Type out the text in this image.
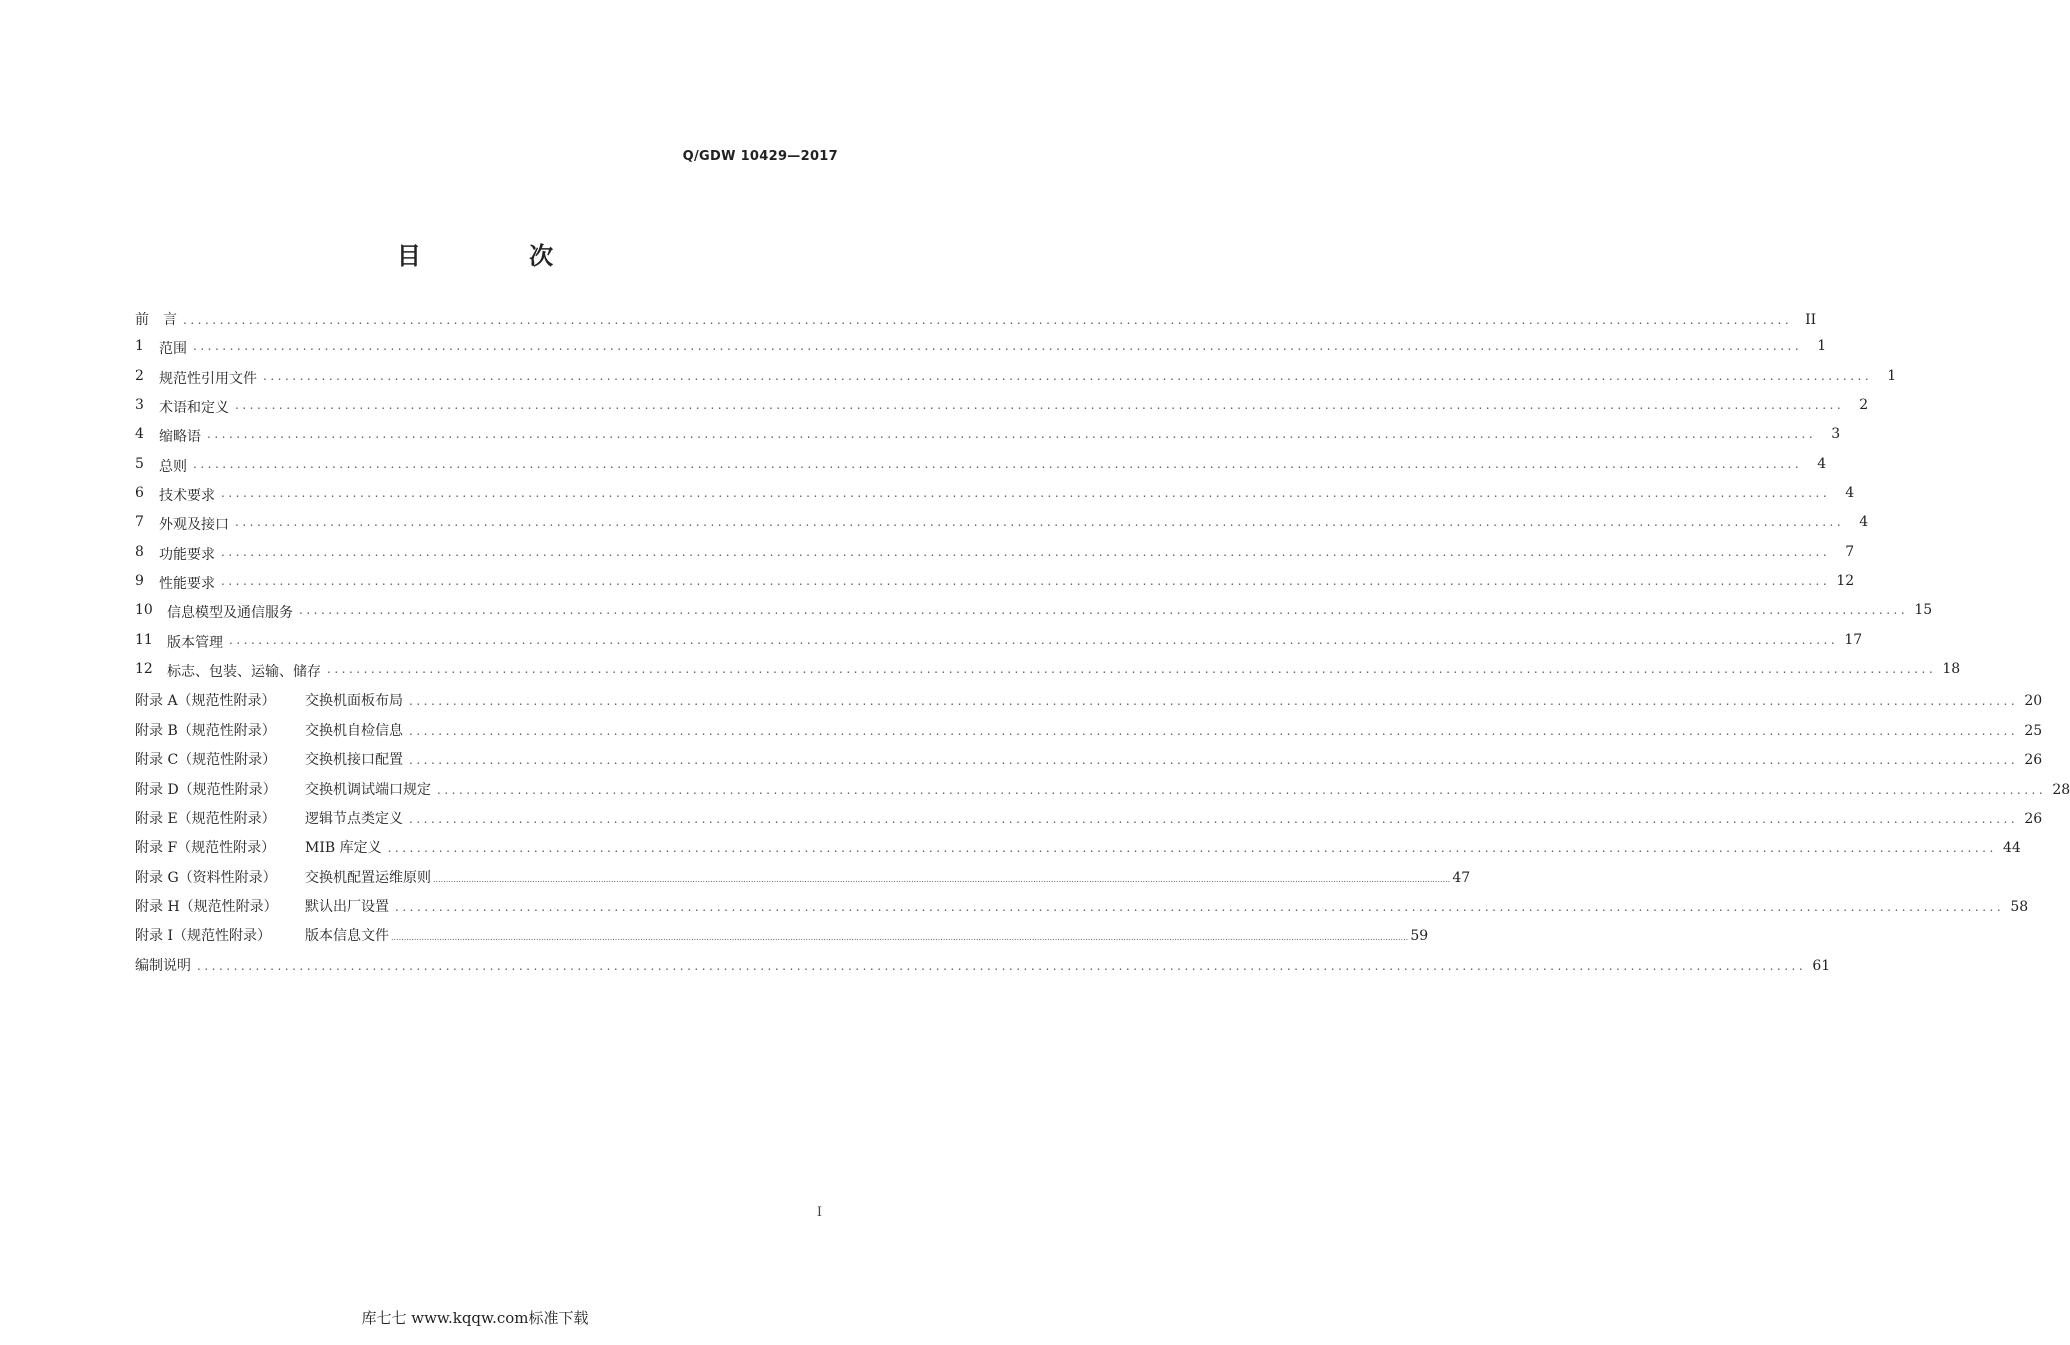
Q/GDW 10429—2017
目 次
前　言 ............................................................................................................................................................................................................................ II
1	范围 ............................................................................................................................................................................................................................	1
2	规范性引用文件 ............................................................................................................................................................................................................................	1
3	术语和定义 ............................................................................................................................................................................................................................	2
4	缩略语 ............................................................................................................................................................................................................................	3
5	总则 ............................................................................................................................................................................................................................	4
6	技术要求 ............................................................................................................................................................................................................................	4
7	外观及接口 ............................................................................................................................................................................................................................	4
8	功能要求 ............................................................................................................................................................................................................................	7
9	性能要求 ............................................................................................................................................................................................................................ 12
10	信息模型及通信服务 ............................................................................................................................................................................................................................ 15
11	版本管理 ............................................................................................................................................................................................................................ 17
12	标志、包装、运输、储存 ............................................................................................................................................................................................................................ 18
附录 A（规范性附录）	交换机面板布局 ............................................................................................................................................................................................................................ 20
附录 B（规范性附录）	交换机自检信息 ............................................................................................................................................................................................................................ 25
附录 C（规范性附录）	交换机接口配置 ............................................................................................................................................................................................................................ 26
附录 D（规范性附录）	交换机调试端口规定 ............................................................................................................................................................................................................................ 28
附录 E（规范性附录）	逻辑节点类定义 ............................................................................................................................................................................................................................ 26
附录 F（规范性附录）	MIB 库定义 ............................................................................................................................................................................................................................ 44
附录 G（资料性附录）	交换机配置运维原则 ................................................................................................................................................................................................................................................................................................................................................................................................................ 47
附录 H（规范性附录）	默认出厂设置 ............................................................................................................................................................................................................................ 58
附录 I（规范性附录）	版本信息文件 ................................................................................................................................................................................................................................................................................................................................................................................................................ 59
编制说明 ............................................................................................................................................................................................................................ 61
I
库七七 www.kqqw.com标准下载
